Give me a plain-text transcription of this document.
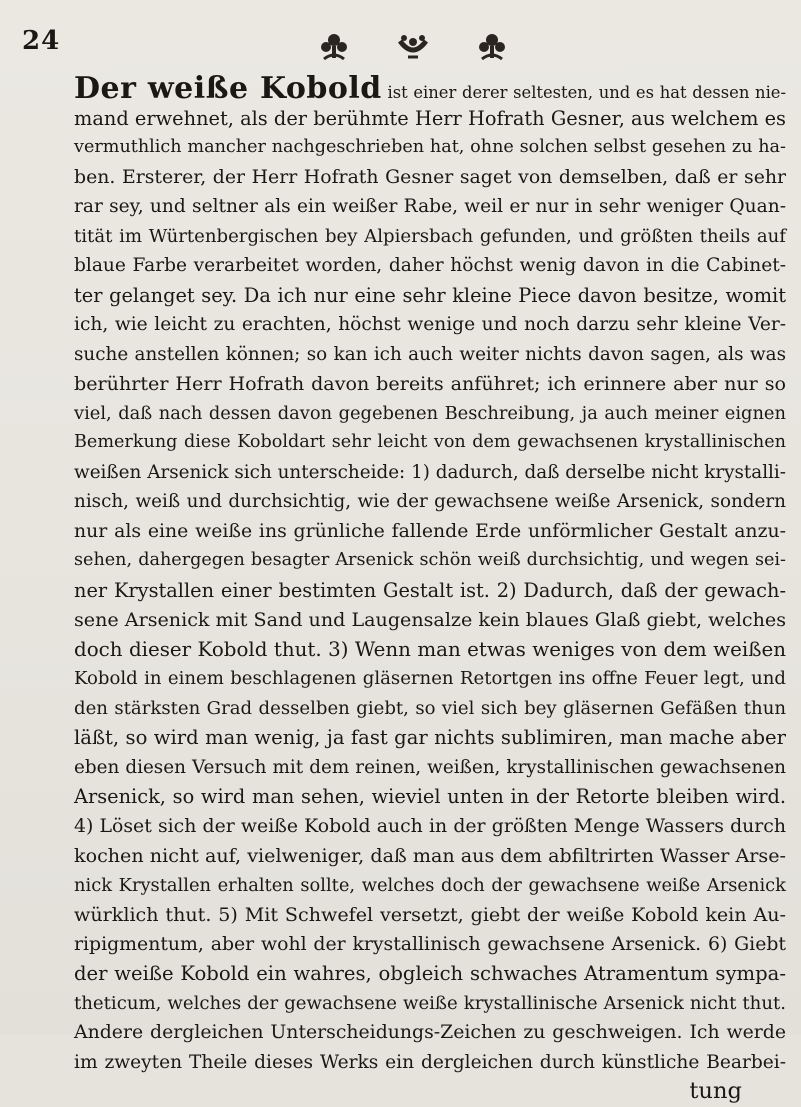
24
Der weiße Kobold ist einer derer seltesten, und es hat dessen nie-
mand erwehnet, als der berühmte Herr Hofrath Gesner, aus welchem es
vermuthlich mancher nachgeschrieben hat, ohne solchen selbst gesehen zu ha-
ben. Ersterer, der Herr Hofrath Gesner saget von demselben, daß er sehr
rar sey, und seltner als ein weißer Rabe, weil er nur in sehr weniger Quan-
tität im Würtenbergischen bey Alpiersbach gefunden, und größten theils auf
blaue Farbe verarbeitet worden, daher höchst wenig davon in die Cabinet-
ter gelanget sey. Da ich nur eine sehr kleine Piece davon besitze, womit
ich, wie leicht zu erachten, höchst wenige und noch darzu sehr kleine Ver-
suche anstellen können; so kan ich auch weiter nichts davon sagen, als was
berührter Herr Hofrath davon bereits anführet; ich erinnere aber nur so
viel, daß nach dessen davon gegebenen Beschreibung, ja auch meiner eignen
Bemerkung diese Koboldart sehr leicht von dem gewachsenen krystallinischen
weißen Arsenick sich unterscheide: 1) dadurch, daß derselbe nicht krystalli-
nisch, weiß und durchsichtig, wie der gewachsene weiße Arsenick, sondern
nur als eine weiße ins grünliche fallende Erde unförmlicher Gestalt anzu-
sehen, dahergegen besagter Arsenick schön weiß durchsichtig, und wegen sei-
ner Krystallen einer bestimten Gestalt ist. 2) Dadurch, daß der gewach-
sene Arsenick mit Sand und Laugensalze kein blaues Glaß giebt, welches
doch dieser Kobold thut. 3) Wenn man etwas weniges von dem weißen
Kobold in einem beschlagenen gläsernen Retortgen ins offne Feuer legt, und
den stärksten Grad desselben giebt, so viel sich bey gläsernen Gefäßen thun
läßt, so wird man wenig, ja fast gar nichts sublimiren, man mache aber
eben diesen Versuch mit dem reinen, weißen, krystallinischen gewachsenen
Arsenick, so wird man sehen, wieviel unten in der Retorte bleiben wird.
4) Löset sich der weiße Kobold auch in der größten Menge Wassers durch
kochen nicht auf, vielweniger, daß man aus dem abfiltrirten Wasser Arse-
nick Krystallen erhalten sollte, welches doch der gewachsene weiße Arsenick
würklich thut. 5) Mit Schwefel versetzt, giebt der weiße Kobold kein Au-
ripigmentum, aber wohl der krystallinisch gewachsene Arsenick. 6) Giebt
der weiße Kobold ein wahres, obgleich schwaches Atramentum sympa-
theticum, welches der gewachsene weiße krystallinische Arsenick nicht thut.
Andere dergleichen Unterscheidungs-Zeichen zu geschweigen. Ich werde
im zweyten Theile dieses Werks ein dergleichen durch künstliche Bearbei-
tung
